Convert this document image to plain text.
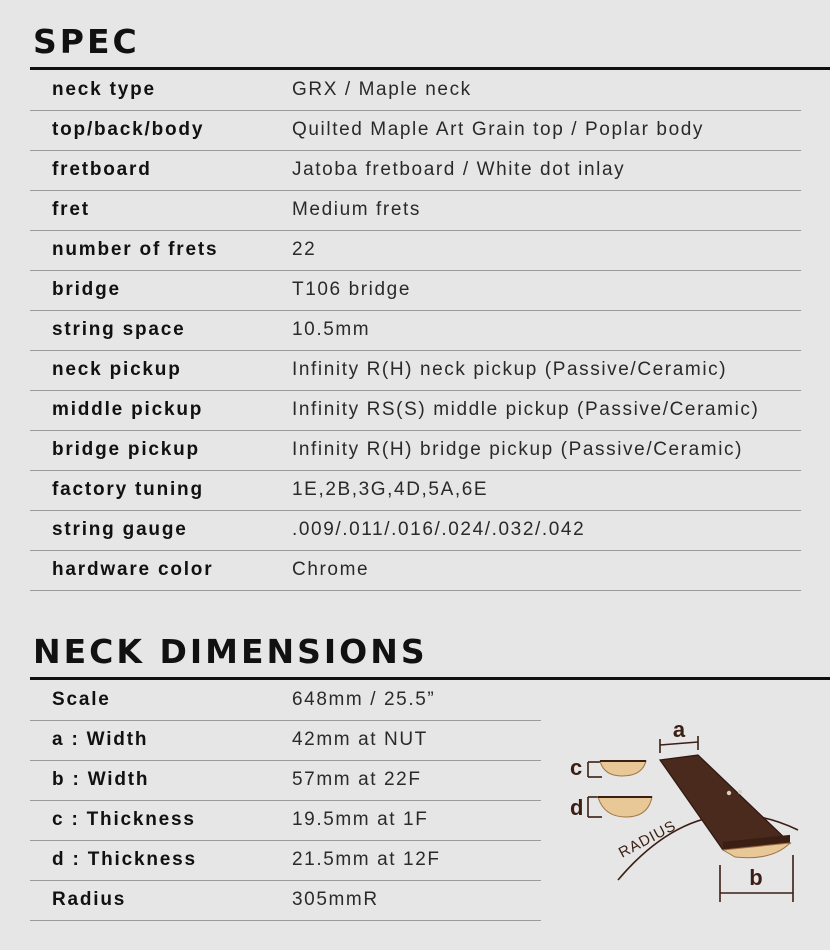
SPEC
neck type	GRX / Maple neck
top/back/body	Quilted Maple Art Grain top / Poplar body
fretboard	Jatoba fretboard / White dot inlay
fret	Medium frets
number of frets	22
bridge	T106 bridge
string space	10.5mm
neck pickup	Infinity R(H) neck pickup (Passive/Ceramic)
middle pickup	Infinity RS(S) middle pickup (Passive/Ceramic)
bridge pickup	Infinity R(H) bridge pickup (Passive/Ceramic)
factory tuning	1E,2B,3G,4D,5A,6E
string gauge	.009/.011/.016/.024/.032/.042
hardware color	Chrome
NECK DIMENSIONS
Scale	648mm / 25.5”
a : Width	42mm at NUT
b : Width	57mm at 22F
c : Thickness	19.5mm at 1F
d : Thickness	21.5mm at 12F
Radius	305mmR
a
b
c
d
RADIUS
